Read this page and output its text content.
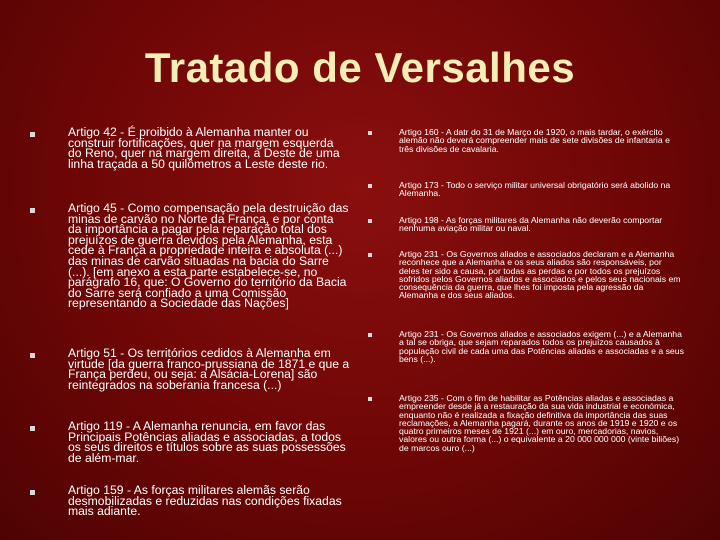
Tratado de Versalhes
Artigo 42 - É proibido à Alemanha manter ou construir fortificações, quer na margem esquerda do Reno, quer na margem direita, a Deste de uma linha traçada a 50 quilômetros a Leste deste rio.
Artigo 45 - Como compensação pela destruição das minas de carvão no Norte da França, e por conta da importância a pagar pela reparação total dos prejuízos de guerra devidos pela Alemanha, esta cede à França a propriedade inteira e absoluta (...) das minas de carvão situadas na bacia do Sarre (...). [em anexo a esta parte estabelece-se, no parágrafo 16, que: O Governo do território da Bacia do Sarre será confiado a uma Comissão representando a Sociedade das Nações]
Artigo 51 - Os territórios cedidos à Alemanha em virtude [da guerra franco-prussiana de 1871 e que a França perdeu, ou seja: a Alsácia-Lorena] são reintegrados na soberania francesa (...)
Artigo 119 - A Alemanha renuncia, em favor das Principais Potências aliadas e associadas, a todos os seus direitos e títulos sobre as suas possessões de além-mar.
Artigo 159 - As forças militares alemãs serão desmobilizadas e reduzidas nas condições fixadas mais adiante.
Artigo 160 - A datr do 31 de Março de 1920, o mais tardar, o exército alemão não deverá compreender mais de sete divisões de infantaria e três divisões de cavalaria.
Artigo 173 - Todo o serviço militar universal obrigatório será abolido na Alemanha.
Artigo 198 - As forças militares da Alemanha não deverão comportar nenhuma aviação militar ou naval.
Artigo 231 - Os Governos aliados e associados declaram e a Alemanha reconhece que a Alemanha e os seus aliados são responsáveis, por deles ter sido a causa, por todas as perdas e por todos os prejuízos sofridos pelos Governos aliados e associados e pelos seus nacionais em consequência da guerra, que lhes foi imposta pela agressão da Alemanha e dos seus aliados.
Artigo 231 - Os Governos aliados e associados exigem (...) e a Alemanha a tal se obriga, que sejam reparados todos os prejuízos causados à população civil de cada uma das Potências aliadas e associadas e a seus bens (...).
Artigo 235 - Com o fim de habilitar as Potências aliadas e associadas a empreender desde já a restauração da sua vida industrial e económica, enquanto não é realizada a fixação definitiva da importância das suas reclamações, a Alemanha pagará, durante os anos de 1919 e 1920 e os quatro primeiros meses de 1921 (...) em ouro, mercadorias, navios, valores ou outra forma (...) o equivalente a 20 000 000 000 (vinte biliões) de marcos ouro (...)
